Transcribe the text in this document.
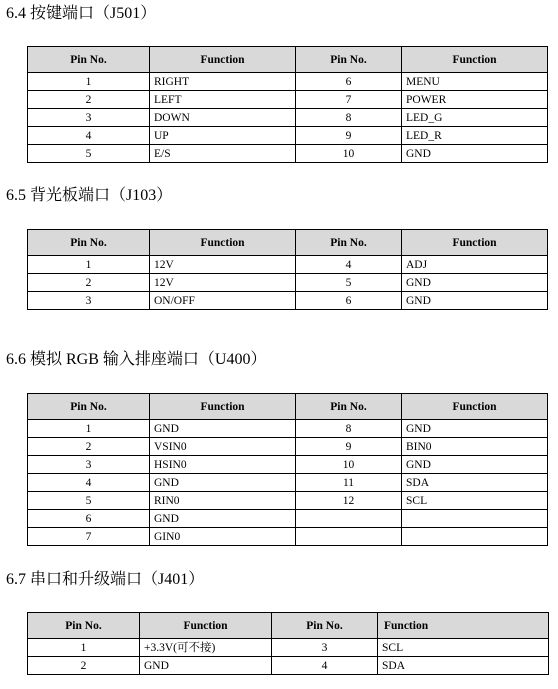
6.4 按键端口（J501）
Pin No.	Function	Pin No.	Function
1	RIGHT	6	MENU
2	LEFT	7	POWER
3	DOWN	8	LED_G
4	UP	9	LED_R
5	E/S	10	GND
6.5 背光板端口（J103）
Pin No.	Function	Pin No.	Function
1	12V	4	ADJ
2	12V	5	GND
3	ON/OFF	6	GND
6.6 模拟 RGB 输入排座端口（U400）
Pin No.	Function	Pin No.	Function
1	GND	8	GND
2	VSIN0	9	BIN0
3	HSIN0	10	GND
4	GND	11	SDA
5	RIN0	12	SCL
6	GND		
7	GIN0		
6.7 串口和升级端口（J401）
Pin No.	Function	Pin No.	Function
1	+3.3V(可不接)	3	SCL
2	GND	4	SDA
